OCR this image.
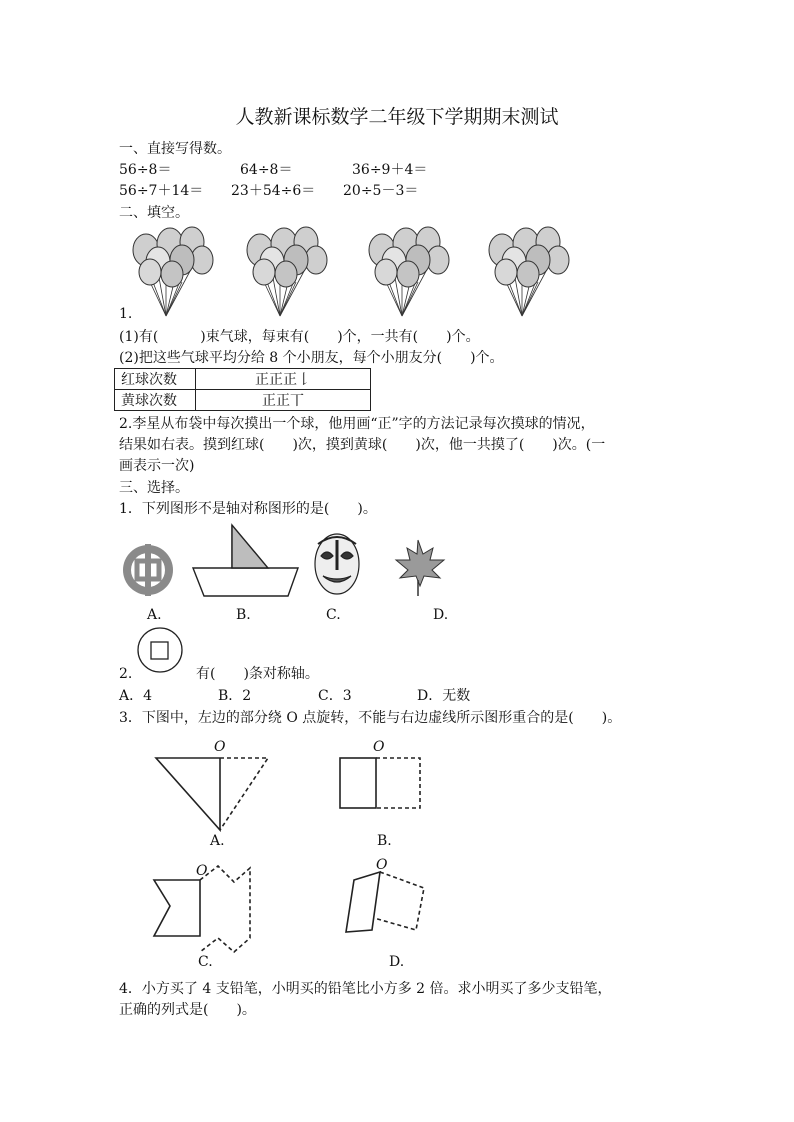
人教新课标数学二年级下学期期末测试
一、直接写得数。
56÷8＝	64÷8＝	36÷9＋4＝
56÷7＋14＝ 23＋54÷6＝ 20÷5－3＝
二、填空。
1.
(1)有(　　　)束气球，每束有(　　)个，一共有(　　)个。
(2)把这些气球平均分给 8 个小朋友，每个小朋友分(　　)个。
红球次数	正正正𠄌
黄球次数	正正丅
2.李星从布袋中每次摸出一个球，他用画“正”字的方法记录每次摸球的情况，
结果如右表。摸到红球(　　)次，摸到黄球(　　)次，他一共摸了(　　)次。(一
画表示一次)
三、选择。
1．下列图形不是轴对称图形的是(　　)。
A.	B.	C.	D.
2.	有(　　)条对称轴。
A．4	B．2	C．3	D．无数
3．下图中，左边的部分绕 O 点旋转，不能与右边虚线所示图形重合的是(　　)。
O	O
O	O
A.	B.
C.	D.
4．小方买了 4 支铅笔，小明买的铅笔比小方多 2 倍。求小明买了多少支铅笔，
正确的列式是(　　)。
